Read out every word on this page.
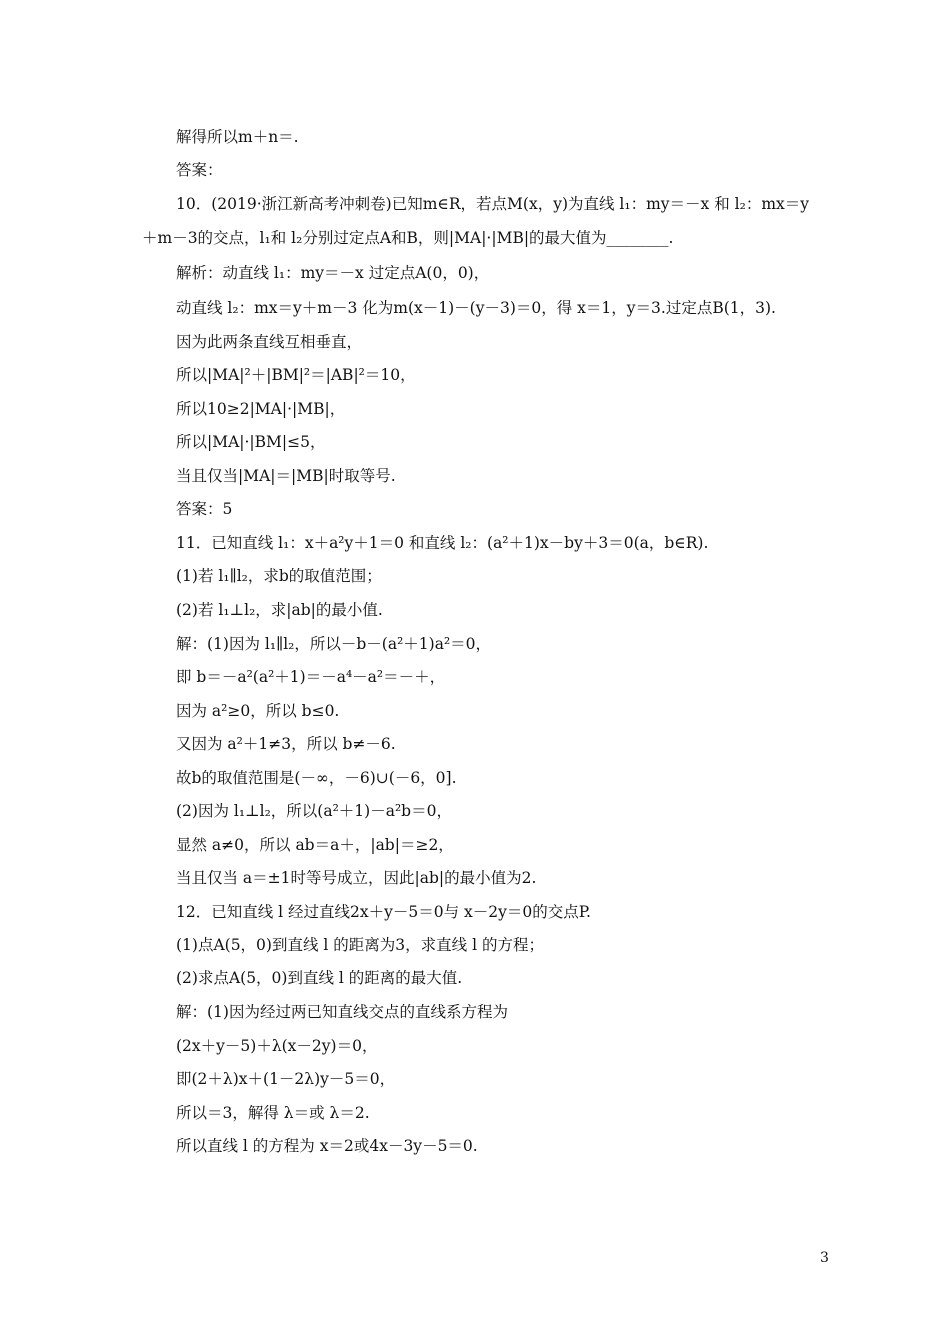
解得所以m＋n＝.
答案：
10．(2019·浙江新高考冲刺卷)已知m∈R，若点M(x，y)为直线 l₁：my＝－x 和 l₂：mx＝y
＋m－3的交点，l₁和 l₂分别过定点A和B，则|MA|·|MB|的最大值为________.
解析：动直线 l₁：my＝－x 过定点A(0，0)，
动直线 l₂：mx＝y＋m－3 化为m(x－1)－(y－3)＝0，得 x＝1，y＝3.过定点B(1，3).
因为此两条直线互相垂直，
所以|MA|²＋|BM|²＝|AB|²＝10，
所以10≥2|MA|·|MB|，
所以|MA|·|BM|≤5，
当且仅当|MA|＝|MB|时取等号.
答案：5
11．已知直线 l₁：x＋a²y＋1＝0 和直线 l₂：(a²＋1)x－by＋3＝0(a，b∈R).
(1)若 l₁∥l₂，求b的取值范围；
(2)若 l₁⊥l₂，求|ab|的最小值.
解：(1)因为 l₁∥l₂，所以－b－(a²＋1)a²＝0，
即 b＝－a²(a²＋1)＝－a⁴－a²＝－＋，
因为 a²≥0，所以 b≤0.
又因为 a²＋1≠3，所以 b≠－6.
故b的取值范围是(－∞，－6)∪(－6，0].
(2)因为 l₁⊥l₂，所以(a²＋1)－a²b＝0，
显然 a≠0，所以 ab＝a＋，|ab|＝≥2，
当且仅当 a＝±1时等号成立，因此|ab|的最小值为2.
12．已知直线 l 经过直线2x＋y－5＝0与 x－2y＝0的交点P.
(1)点A(5，0)到直线 l 的距离为3，求直线 l 的方程；
(2)求点A(5，0)到直线 l 的距离的最大值.
解：(1)因为经过两已知直线交点的直线系方程为
(2x＋y－5)＋λ(x－2y)＝0，
即(2＋λ)x＋(1－2λ)y－5＝0，
所以＝3，解得 λ＝或 λ＝2.
所以直线 l 的方程为 x＝2或4x－3y－5＝0.
3
